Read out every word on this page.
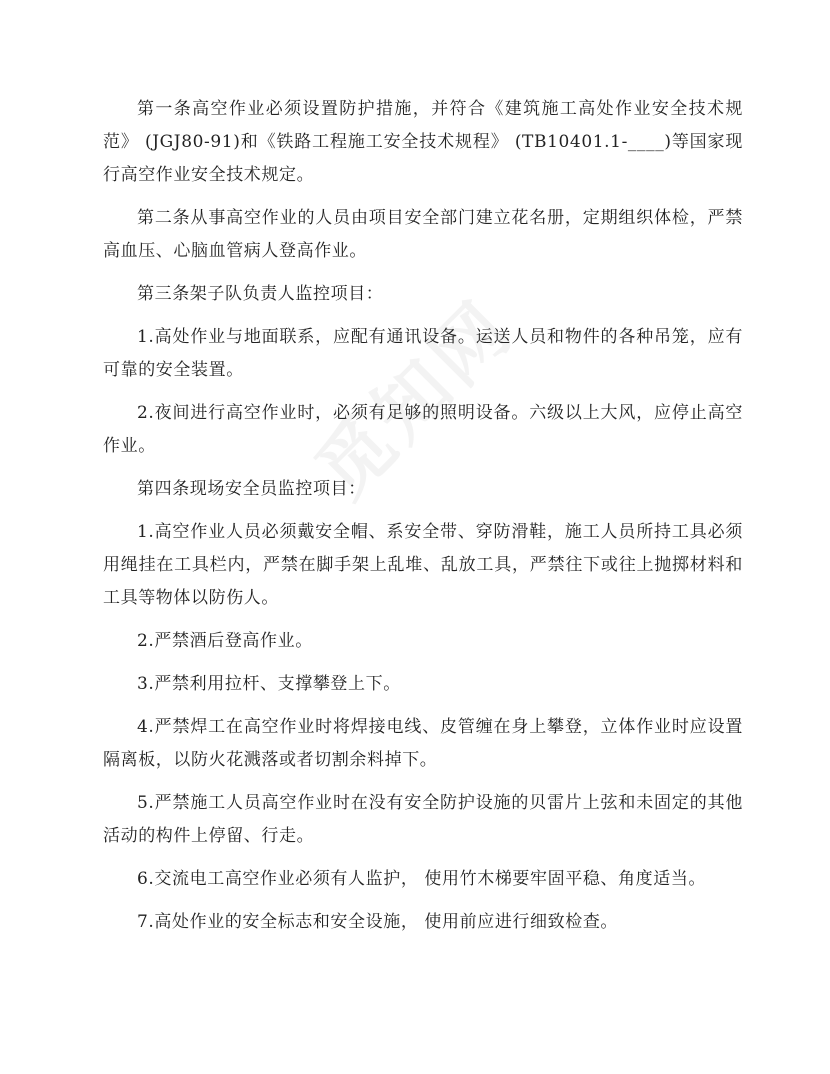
第一条高空作业必须设置防护措施，并符合《建筑施工高处作业安全技术规范》 (JGJ80-91)和《铁路工程施工安全技术规程》 (TB10401.1-____)等国家现行高空作业安全技术规定。

第二条从事高空作业的人员由项目安全部门建立花名册，定期组织体检，严禁高血压、心脑血管病人登高作业。

第三条架子队负责人监控项目：

1.高处作业与地面联系，应配有通讯设备。运送人员和物件的各种吊笼，应有可靠的安全装置。

2.夜间进行高空作业时，必须有足够的照明设备。六级以上大风，应停止高空作业。

第四条现场安全员监控项目：

1.高空作业人员必须戴安全帽、系安全带、穿防滑鞋，施工人员所持工具必须用绳挂在工具栏内，严禁在脚手架上乱堆、乱放工具，严禁往下或往上抛掷材料和工具等物体以防伤人。

2.严禁酒后登高作业。

3.严禁利用拉杆、支撑攀登上下。

4.严禁焊工在高空作业时将焊接电线、皮管缠在身上攀登，立体作业时应设置隔离板，以防火花溅落或者切割余料掉下。

5.严禁施工人员高空作业时在没有安全防护设施的贝雷片上弦和未固定的其他活动的构件上停留、行走。

6.交流电工高空作业必须有人监护， 使用竹木梯要牢固平稳、角度适当。

7.高处作业的安全标志和安全设施， 使用前应进行细致检查。
